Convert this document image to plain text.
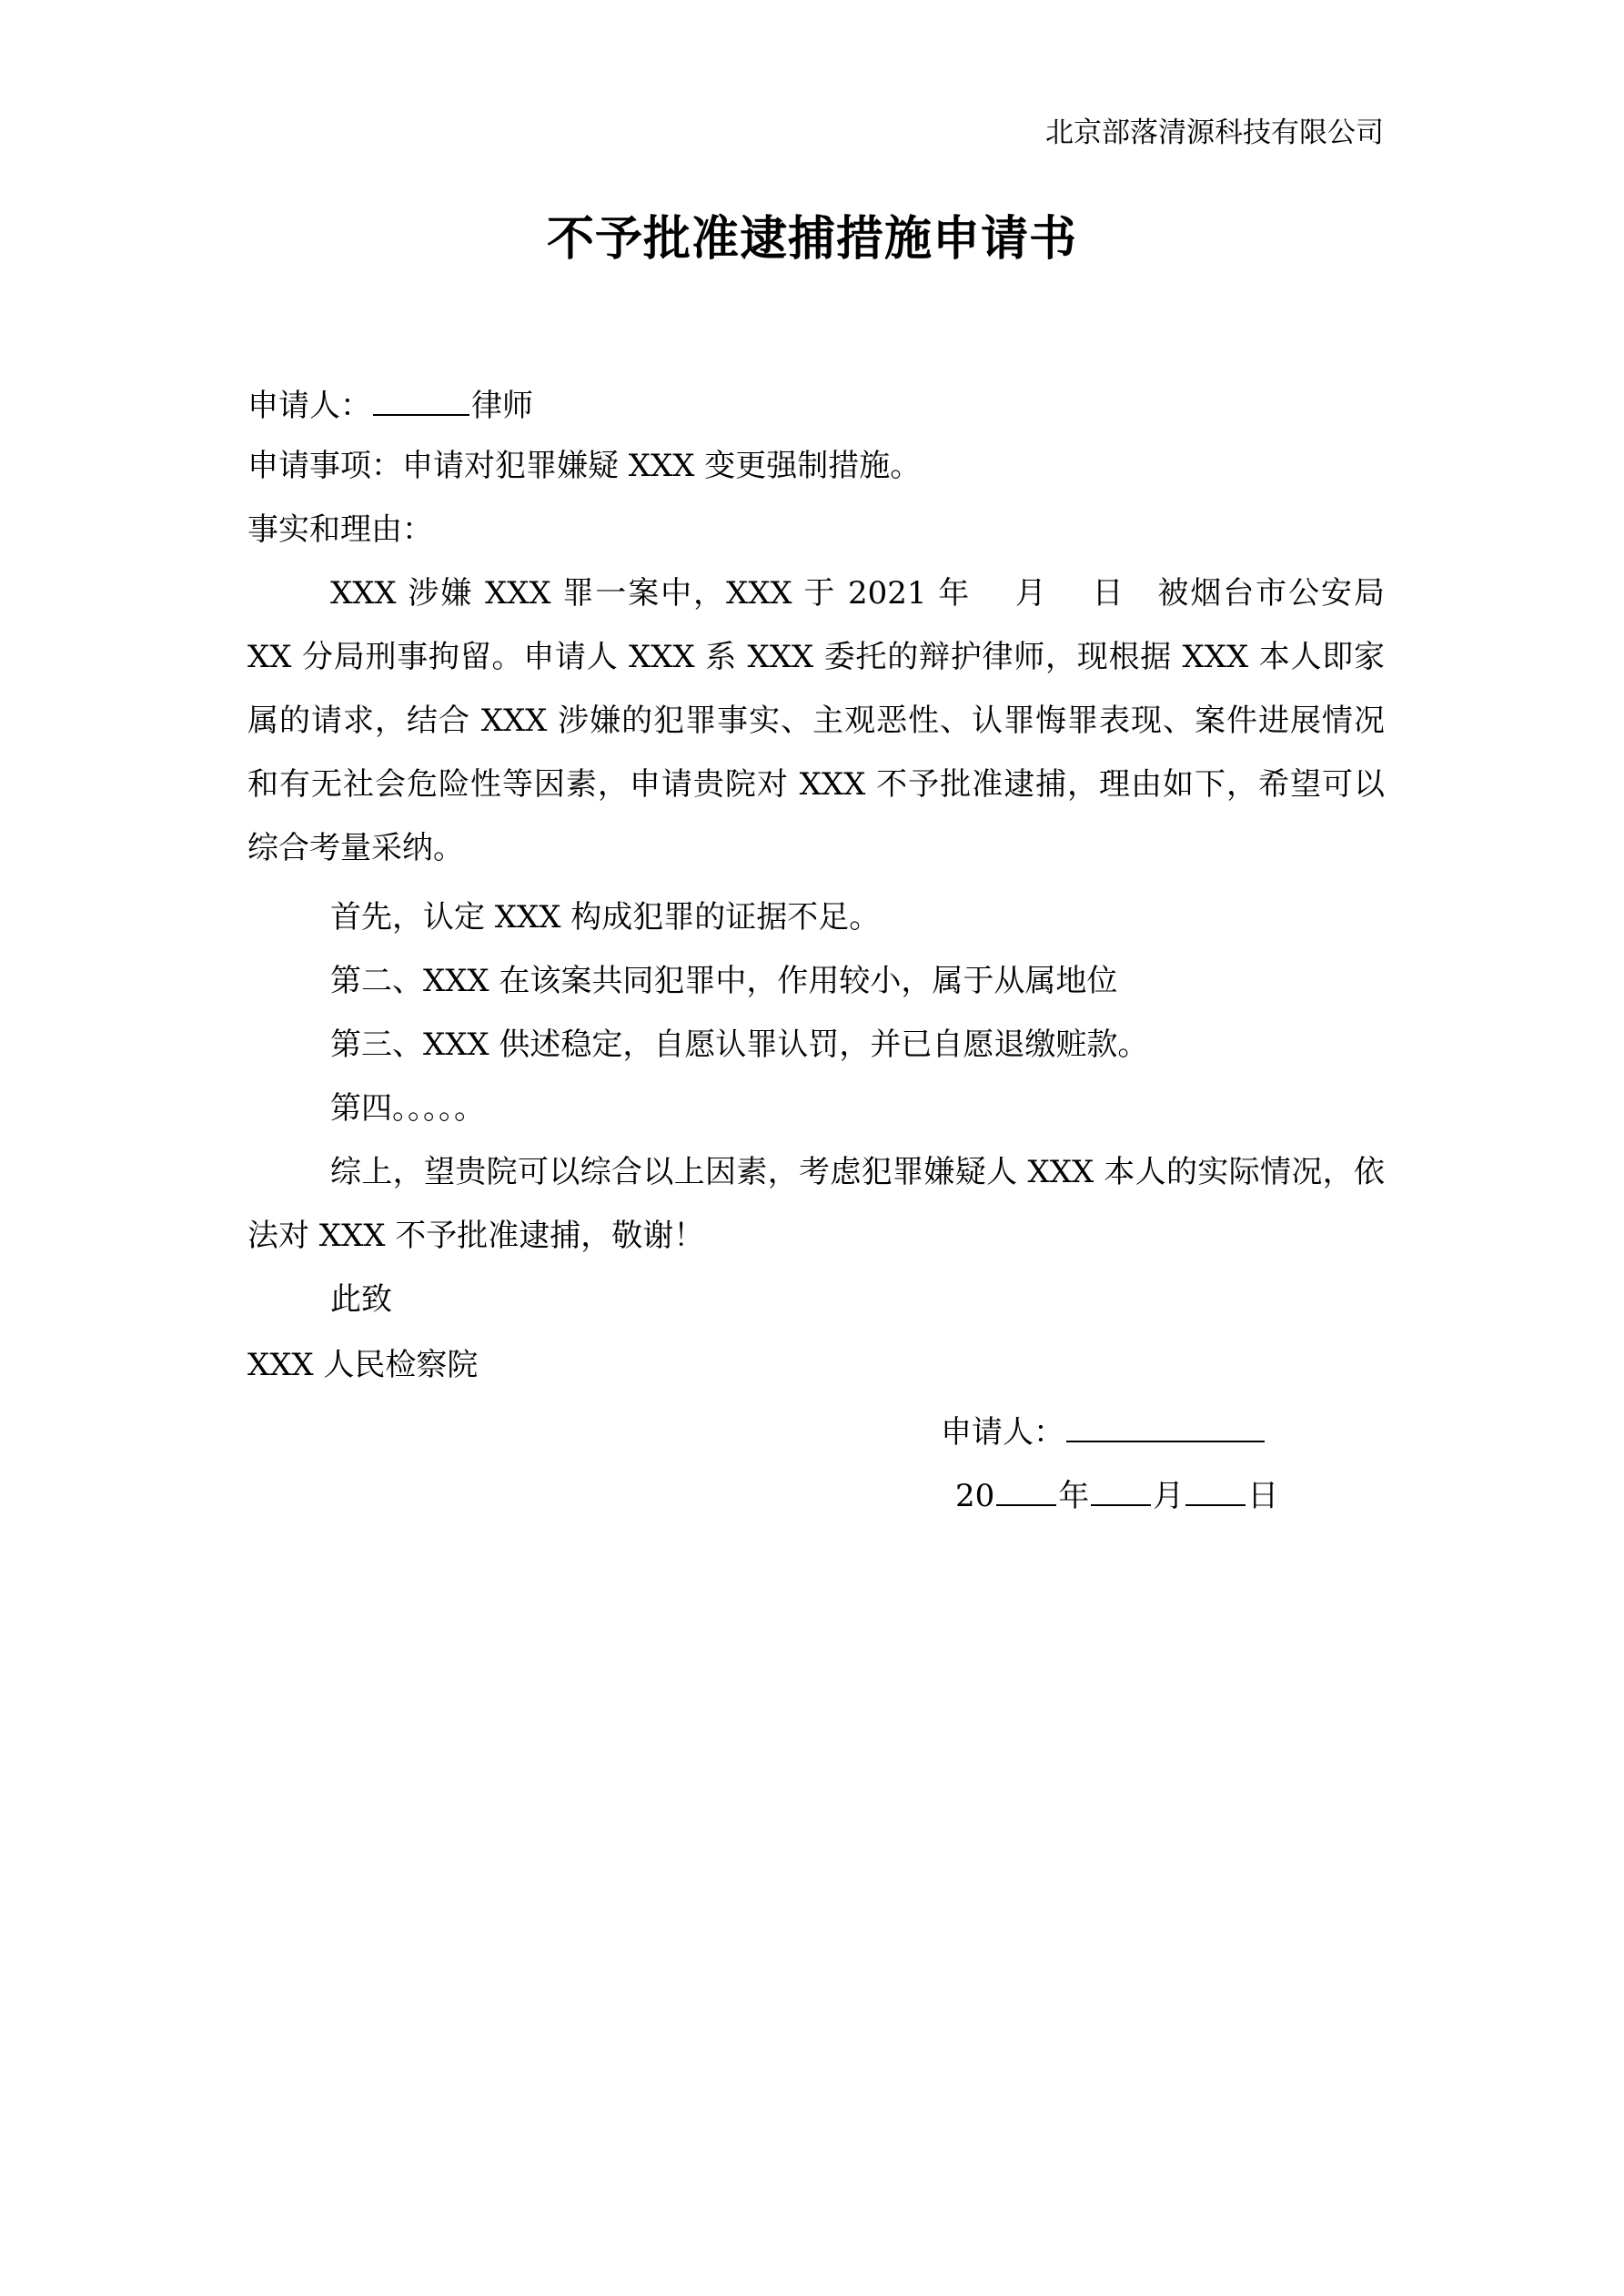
北京部落清源科技有限公司
不予批准逮捕措施申请书
申请人：	律师
申请事项：申请对犯罪嫌疑 XXX 变更强制措施。
事实和理由：
XXX 涉嫌 XXX 罪一案中，XXX 于 2021 年　 月　 日　被烟台市公安局 XX 分局刑事拘留。申请人 XXX 系 XXX 委托的辩护律师，现根据 XXX 本人即家属的请求，结合 XXX 涉嫌的犯罪事实、主观恶性、认罪悔罪表现、案件进展情况和有无社会危险性等因素，申请贵院对 XXX 不予批准逮捕，理由如下，希望可以综合考量采纳。
首先，认定 XXX 构成犯罪的证据不足。
第二、XXX 在该案共同犯罪中，作用较小，属于从属地位
第三、XXX 供述稳定，自愿认罪认罚，并已自愿退缴赃款。
第四。。。。。
综上，望贵院可以综合以上因素，考虑犯罪嫌疑人 XXX 本人的实际情况，依法对 XXX 不予批准逮捕，敬谢！
此致
XXX 人民检察院
申请人：
20 年 月 日
